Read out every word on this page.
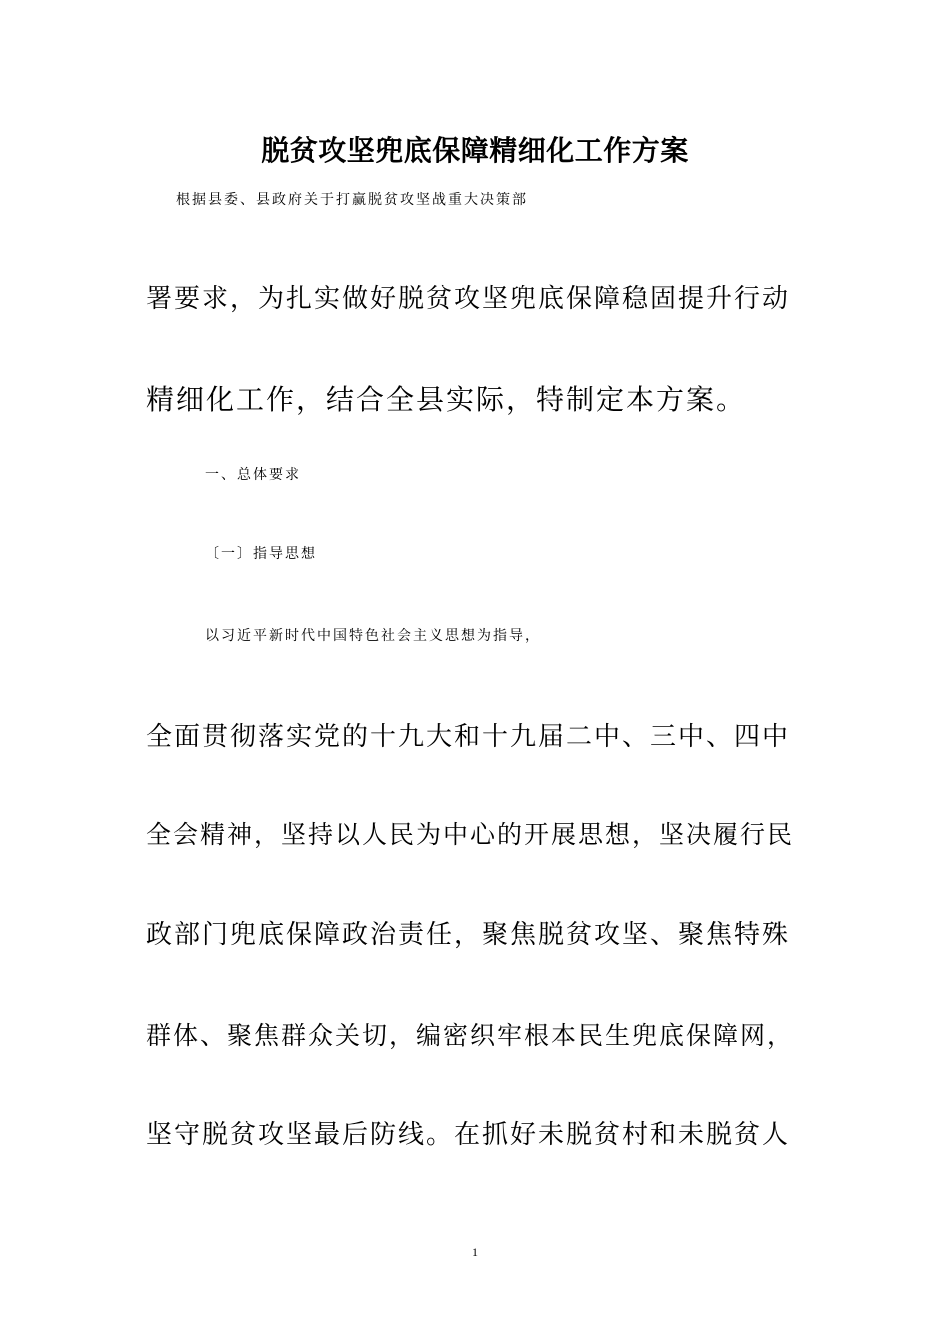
脱贫攻坚兜底保障精细化工作方案
根据县委、县政府关于打赢脱贫攻坚战重大决策部
署要求，为扎实做好脱贫攻坚兜底保障稳固提升行动
精细化工作，结合全县实际，特制定本方案。
一、总体要求
〔一〕指导思想
以习近平新时代中国特色社会主义思想为指导，
全面贯彻落实党的十九大和十九届二中、三中、四中
全会精神，坚持以人民为中心的开展思想，坚决履行民
政部门兜底保障政治责任，聚焦脱贫攻坚、聚焦特殊
群体、聚焦群众关切，编密织牢根本民生兜底保障网，
坚守脱贫攻坚最后防线。在抓好未脱贫村和未脱贫人
1
